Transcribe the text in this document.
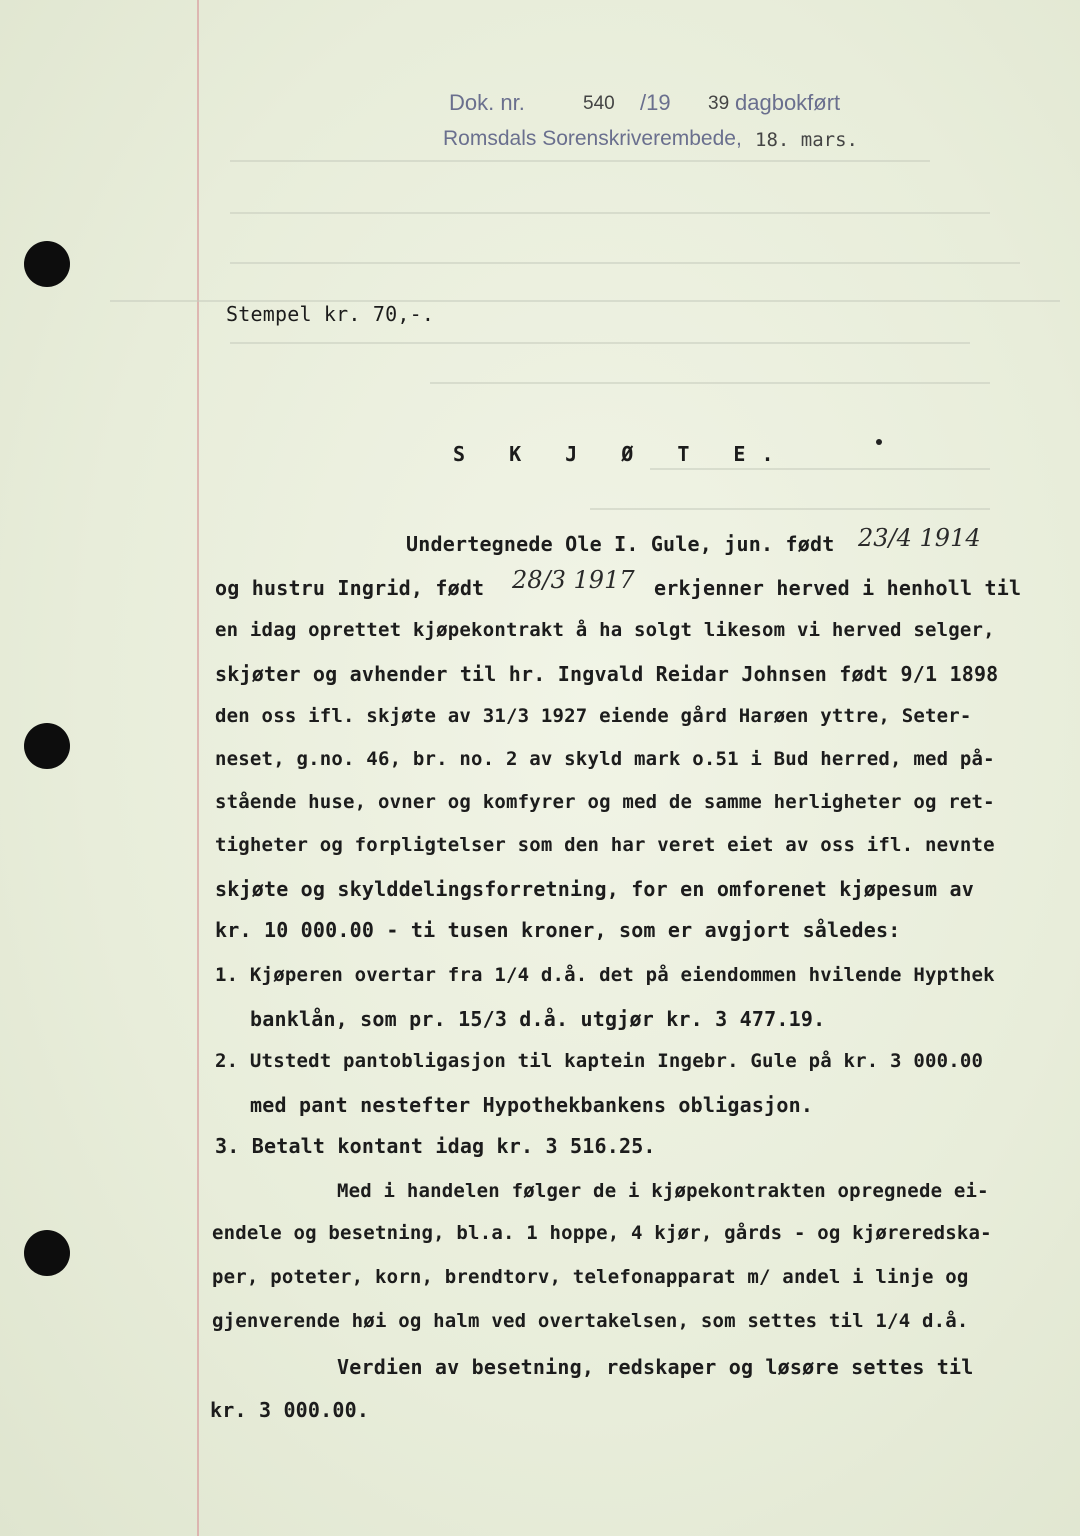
Dok. nr.	540 /19 39 dagbokført
Romsdals Sorenskriverembede, 18. mars.
Stempel kr. 70,-.
S K J Ø T E.
Undertegnede Ole I. Gule, jun. født 23/4 1914
og hustru Ingrid, født 28/3 1917 erkjenner herved i henholl til
en idag oprettet kjøpekontrakt å ha solgt likesom vi herved selger,
skjøter og avhender til hr. Ingvald Reidar Johnsen født 9/1 1898
den oss ifl. skjøte av 31/3 1927 eiende gård Harøen yttre, Seter-
neset, g.no. 46, br. no. 2 av skyld mark o.51 i Bud herred, med på-
stående huse, ovner og komfyrer og med de samme herligheter og ret-
tigheter og forpligtelser som den har veret eiet av oss ifl. nevnte
skjøte og skylddelingsforretning, for en omforenet kjøpesum av
kr. 10 000.00 - ti tusen kroner, som er avgjort således:
1. Kjøperen overtar fra 1/4 d.å. det på eiendommen hvilende Hypthek
banklån, som pr. 15/3 d.å. utgjør kr. 3 477.19.
2. Utstedt pantobligasjon til kaptein Ingebr. Gule på kr. 3 000.00
med pant nestefter Hypothekbankens obligasjon.
3. Betalt kontant idag kr. 3 516.25.
Med i handelen følger de i kjøpekontrakten opregnede ei-
endele og besetning, bl.a. 1 hoppe, 4 kjør, gårds - og kjøreredska-
per, poteter, korn, brendtorv, telefonapparat m/ andel i linje og
gjenverende høi og halm ved overtakelsen, som settes til 1/4 d.å.
Verdien av besetning, redskaper og løsøre settes til
kr. 3 000.00.
